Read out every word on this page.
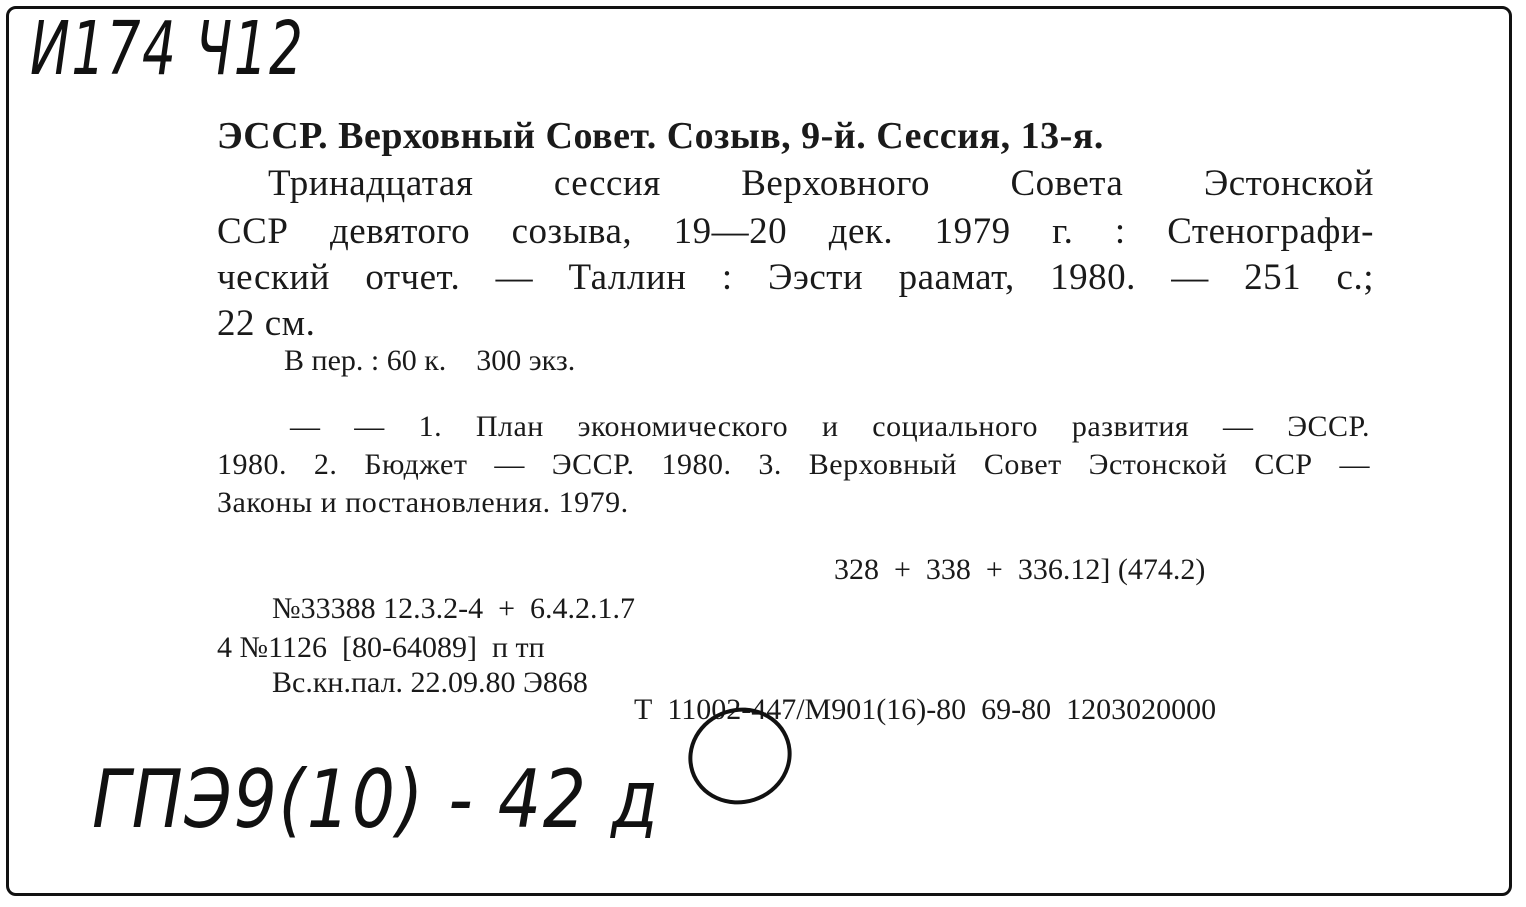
И174 Ч12
ЭССР. Верховный Совет. Созыв, 9-й. Сессия, 13-я.
Тринадцатая сессия Верховного Совета Эстонской
ССР девятого созыва, 19—20 дек. 1979 г. : Стенографи-
ческий отчет. — Таллин : Ээсти раамат, 1980. — 251 с.;
22 см.
В пер. : 60 к.    300 экз.
— — 1. План экономического и социального развития — ЭССР.
1980. 2. Бюджет — ЭССР. 1980. 3. Верховный Совет Эстонской ССР —
Законы и постановления. 1979.
328  +  338  +  336.12] (474.2)
№33388 12.3.2-4  +  6.4.2.1.7
4 №1126  [80-64089]  п тп
Вс.кн.пал. 22.09.80 Э868
Т  11002-447/М901(16)-80  69-80  1203020000
ГПЭ9(10) - 42 д
